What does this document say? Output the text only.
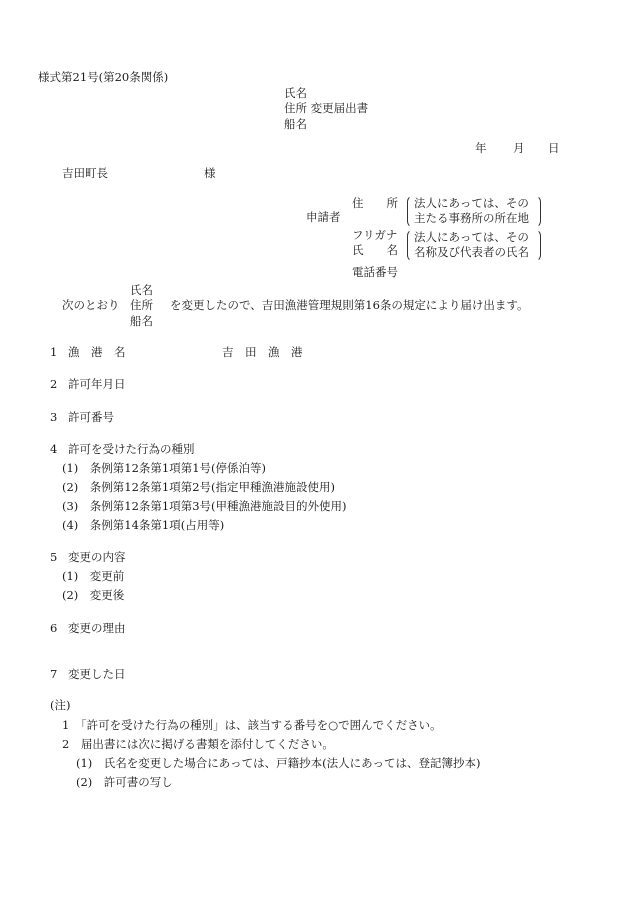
様式第21号(第20条関係)
氏名
住所 変更届出書
船名
年 月 日
吉田町長	様
申請者
住　　所 法人にあっては、その
主たる事務所の所在地
フリガナ
氏　　名
法人にあっては、その
名称及び代表者の氏名
電話番号
次のとおり
氏名
住所
船名
を変更したので、吉田漁港管理規則第16条の規定により届け出ます。
1 漁　港　名	吉　田　漁　港
2 許可年月日
3 許可番号
4 許可を受けた行為の種別
(1)　条例第12条第1項第1号(停係泊等)
(2)　条例第12条第1項第2号(指定甲種漁港施設使用)
(3)　条例第12条第1項第3号(甲種漁港施設目的外使用)
(4)　条例第14条第1項(占用等)
5 変更の内容
(1)　変更前
(2)　変更後
6 変更の理由
7 変更した日
(注)
1　「許可を受けた行為の種別」は、該当する番号を○で囲んでください。
2　届出書には次に掲げる書類を添付してください。
(1)　氏名を変更した場合にあっては、戸籍抄本(法人にあっては、登記簿抄本)
(2)　許可書の写し
